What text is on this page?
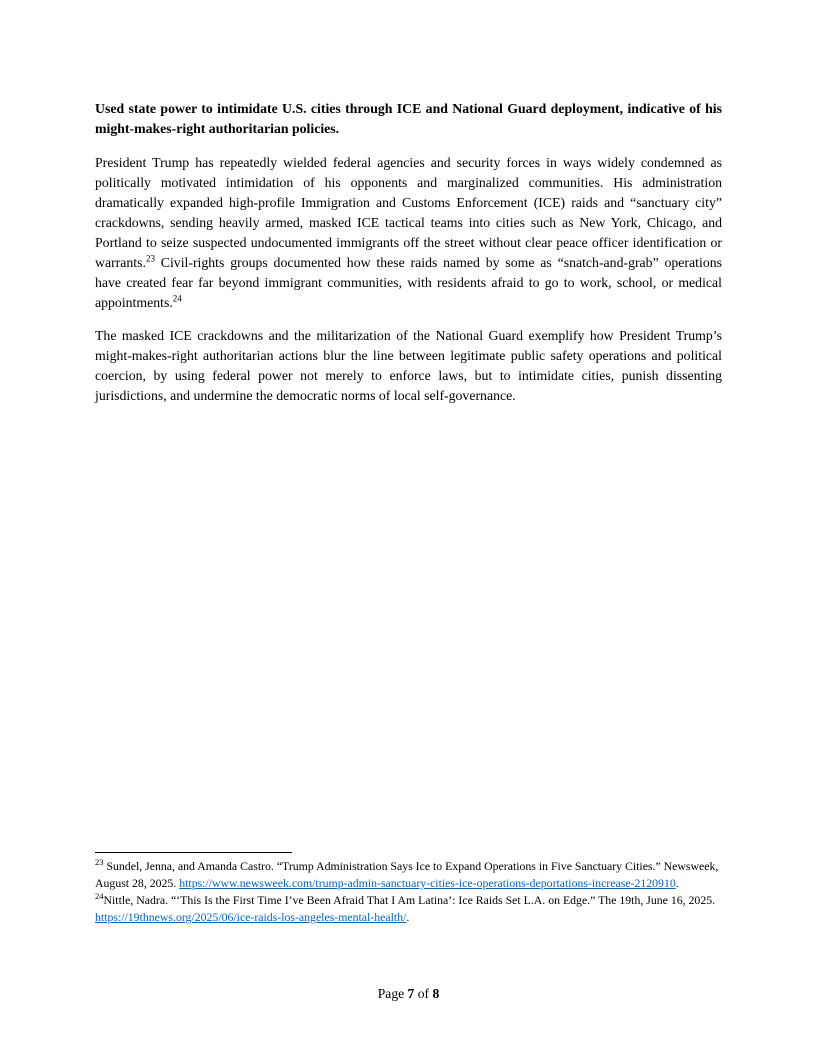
Used state power to intimidate U.S. cities through ICE and National Guard deployment, indicative of his might-makes-right authoritarian policies.

President Trump has repeatedly wielded federal agencies and security forces in ways widely condemned as politically motivated intimidation of his opponents and marginalized communities. His administration dramatically expanded high-profile Immigration and Customs Enforcement (ICE) raids and “sanctuary city” crackdowns, sending heavily armed, masked ICE tactical teams into cities such as New York, Chicago, and Portland to seize suspected undocumented immigrants off the street without clear peace officer identification or warrants.$^{23}$ Civil-rights groups documented how these raids named by some as “snatch-and-grab” operations have created fear far beyond immigrant communities, with residents afraid to go to work, school, or medical appointments.$^{24}$

The masked ICE crackdowns and the militarization of the National Guard exemplify how President Trump’s might-makes-right authoritarian actions blur the line between legitimate public safety operations and political coercion, by using federal power not merely to enforce laws, but to intimidate cities, punish dissenting jurisdictions, and undermine the democratic norms of local self-governance.

$^{23}$ Sundel, Jenna, and Amanda Castro. “Trump Administration Says Ice to Expand Operations in Five Sanctuary Cities.” Newsweek, August 28, 2025. https://www.newsweek.com/trump-admin-sanctuary-cities-ice-operations-deportations-increase-2120910.

$^{24}$Nittle, Nadra. “‘This Is the First Time I’ve Been Afraid That I Am Latina’: Ice Raids Set L.A. on Edge.” The 19th, June 16, 2025. https://19thnews.org/2025/06/ice-raids-los-angeles-mental-health/.

Page 7 of 8
